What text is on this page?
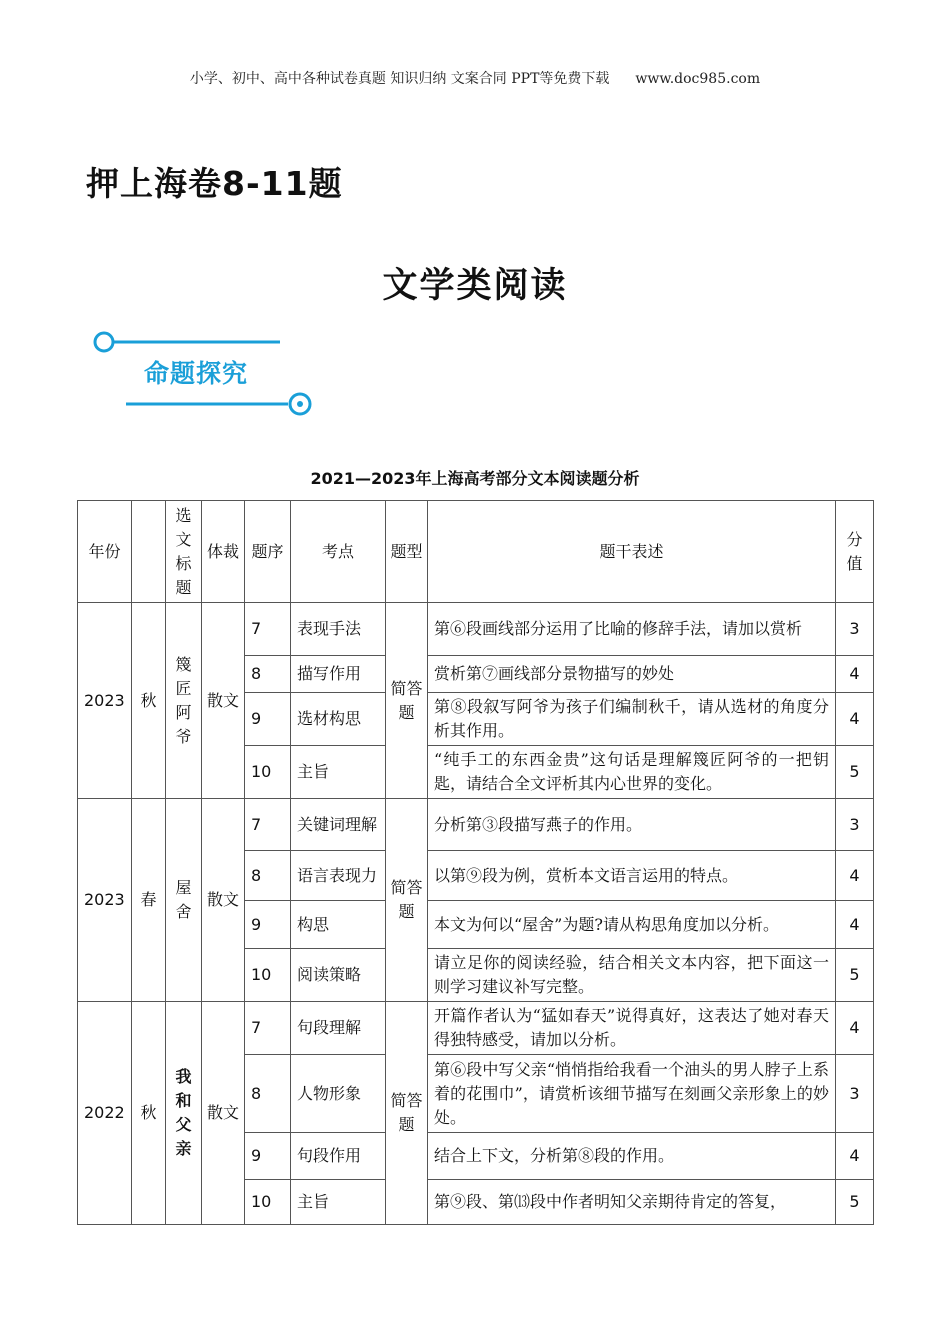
小学、初中、高中各种试卷真题 知识归纳 文案合同 PPT等免费下载 www.doc985.com
押上海卷8-11题
文学类阅读
命题探究
2021—2023年上海高考部分文本阅读题分析
年份		选文标题	体裁	题序	考点	题型	题干表述	分值
2023	秋	篾匠阿爷	散文	7	表现手法	简答题	第⑥段画线部分运用了比喻的修辞手法，请加以赏析	3
				8	描写作用		赏析第⑦画线部分景物描写的妙处	4
				9	选材构思		第⑧段叙写阿爷为孩子们编制秋千，请从选材的角度分析其作用。	4
				10	主旨		“纯手工的东西金贵”这句话是理解篾匠阿爷的一把钥匙，请结合全文评析其内心世界的变化。	5
2023	春	屋舍	散文	7	关键词理解	简答题	分析第③段描写燕子的作用。	3
				8	语言表现力		以第⑨段为例，赏析本文语言运用的特点。	4
				9	构思		本文为何以“屋舍”为题?请从构思角度加以分析。	4
				10	阅读策略		请立足你的阅读经验，结合相关文本内容，把下面这一则学习建议补写完整。	5
2022	秋	我和父亲	散文	7	句段理解	简答题	开篇作者认为“猛如春天”说得真好，这表达了她对春天得独特感受，请加以分析。	4
				8	人物形象		第⑥段中写父亲“悄悄指给我看一个油头的男人脖子上系着的花围巾”，请赏析该细节描写在刻画父亲形象上的妙处。	3
				9	句段作用		结合上下文，分析第⑧段的作用。	4
				10	主旨		第⑨段、第⒀段中作者明知父亲期待肯定的答复，	5
